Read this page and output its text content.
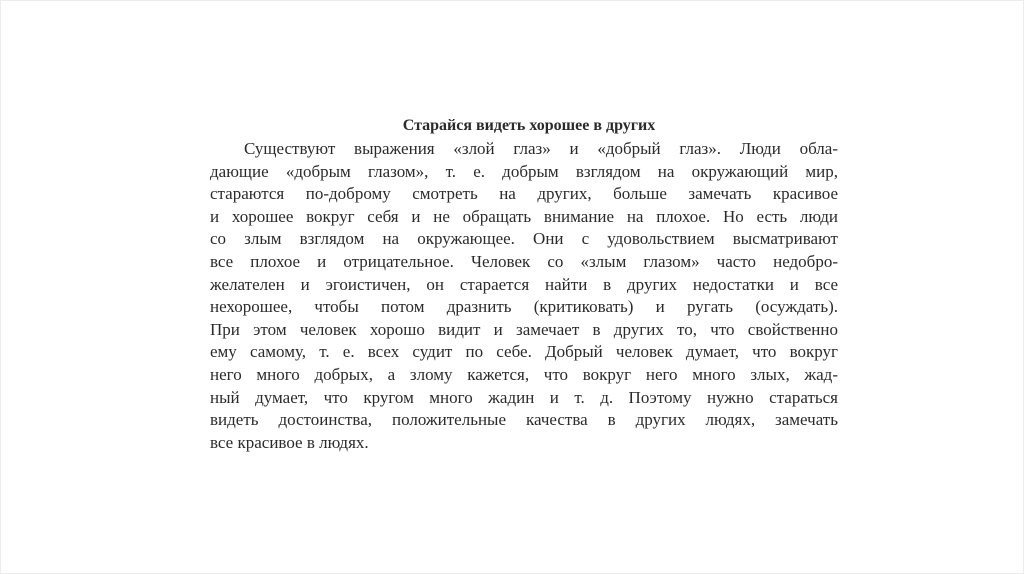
Старайся видеть хорошее в других
Существуют выражения «злой глаз» и «добрый глаз». Люди обла-
дающие «добрым глазом», т. е. добрым взглядом на окружающий мир,
стараются по-доброму смотреть на других, больше замечать красивое
и хорошее вокруг себя и не обращать внимание на плохое. Но есть люди
со злым взглядом на окружающее. Они с удовольствием высматривают
все плохое и отрицательное. Человек со «злым глазом» часто недобро-
желателен и эгоистичен, он старается найти в других недостатки и все
нехорошее, чтобы потом дразнить (критиковать) и ругать (осуждать).
При этом человек хорошо видит и замечает в других то, что свойственно
ему самому, т. е. всех судит по себе. Добрый человек думает, что вокруг
него много добрых, а злому кажется, что вокруг него много злых, жад-
ный думает, что кругом много жадин и т. д. Поэтому нужно стараться
видеть достоинства, положительные качества в других людях, замечать
все красивое в людях.
